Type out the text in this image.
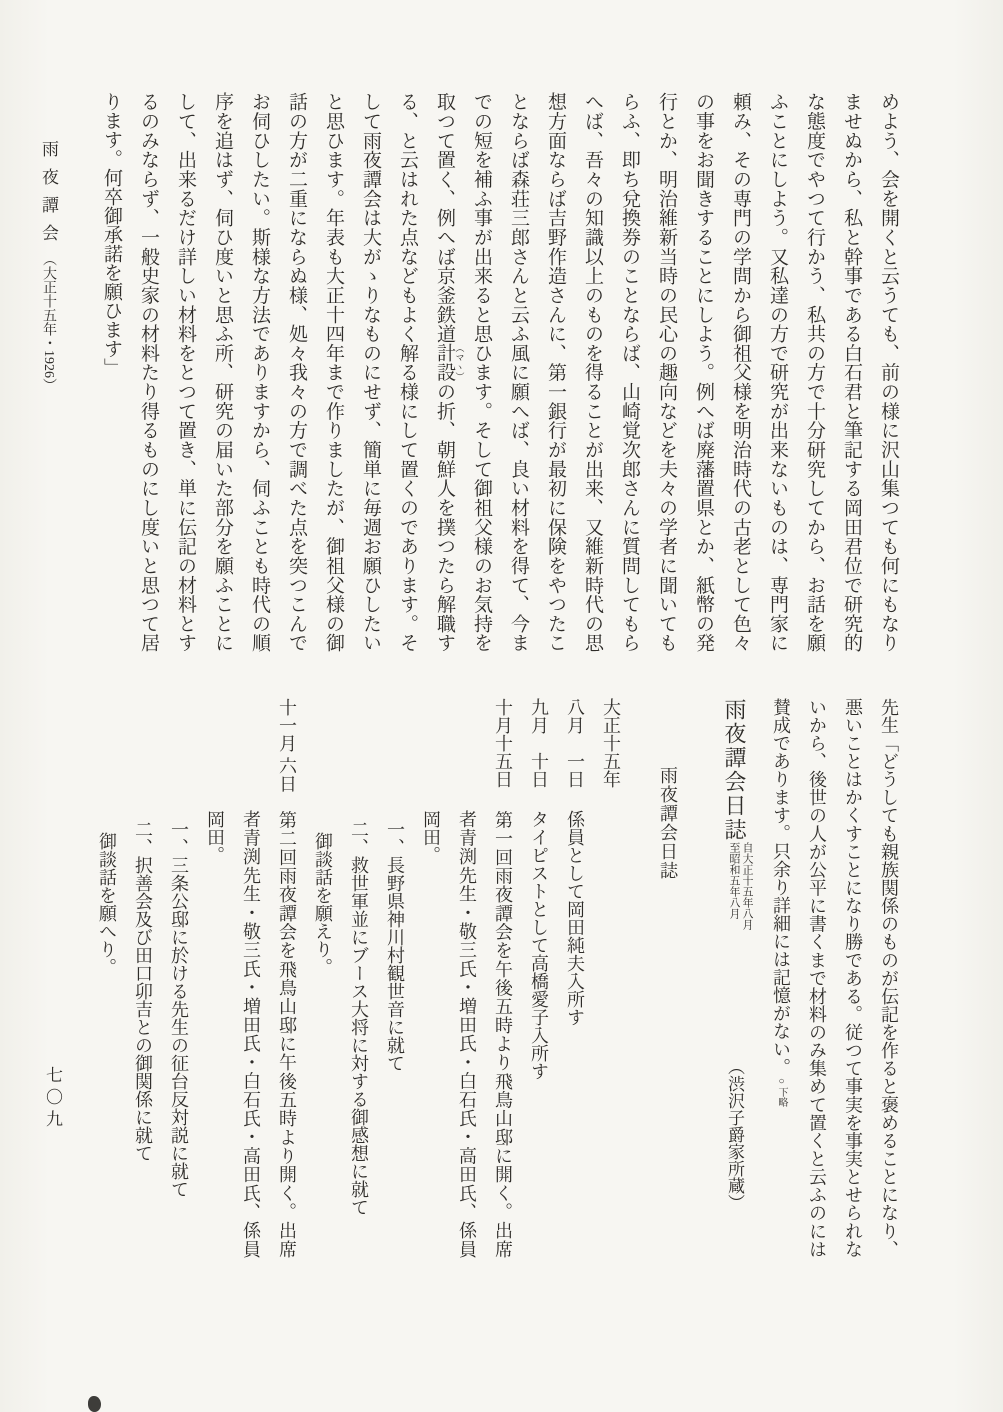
めよう、会を開くと云うても、前の様に沢山集つても何にもなりませぬから、私と幹事である白石君と筆記する岡田君位で研究的な態度でやつて行かう、私共の方で十分研究してから、お話を願ふことにしよう。又私達の方で研究が出来ないものは、専門家に頼み、その専門の学問から御祖父様を明治時代の古老として色々の事をお聞きすることにしよう。例へば廃藩置県とか、紙幣の発行とか、明治維新当時の民心の趣向などを夫々の学者に聞いてもらふ、即ち兌換券のことならば、山崎覚次郎さんに質問してもらへば、吾々の知識以上のものを得ることが出来、又維新時代の思想方面ならば吉野作造さんに、第一銀行が最初に保険をやつたことならば森荘三郎さんと云ふ風に願へば、良い材料を得て、今までの短を補ふ事が出来ると思ひます。そして御祖父様のお気持を取つて置く、例へば京釜鉄道計設 （マヽ）の折、朝鮮人を撲つたら解職する、と云はれた点などもよく解る様にして置くのであります。そして雨夜譚会は大がゝりなものにせず、簡単に毎週お願ひしたいと思ひます。年表も大正十四年まで作りましたが、御祖父様の御話の方が二重にならぬ様、処々我々の方で調べた点を突つこんでお伺ひしたい。斯様な方法でありますから、伺ふことも時代の順序を追はず、伺ひ度いと思ふ所、研究の届いた部分を願ふことにして、出来るだけ詳しい材料をとつて置き、単に伝記の材料とするのみならず、一般史家の材料たり得るものにし度いと思つて居ります。何卒御承諾を願ひます」
先生「どうしても親族関係のものが伝記を作ると褒めることになり、悪いことはかくすことになり勝である。従つて事実を事実とせられないから、後世の人が公平に書くまで材料のみ集めて置くと云ふのには賛成であります。只余り詳細には記憶がない。○下略
雨夜譚会日誌
自大正十五年八月
至昭和五年八月
（渋沢子爵家所蔵）
雨夜譚会日誌
大正十五年
八月　一日係員として岡田純夫入所す
九月　十日タイピストとして高橋愛子入所す
十月十五日第一回雨夜譚会を午後五時より飛鳥山邸に開く。出席者青渕先生・敬三氏・増田氏・白石氏・高田氏、係員岡田。
一、長野県神川村観世音に就て
二、救世軍並にブース大将に対する御感想に就て
御談話を願えり。
十一月 六日第二回雨夜譚会を飛鳥山邸に午後五時より開く。出席者青渕先生・敬三氏・増田氏・白石氏・高田氏、係員岡田。
一、三条公邸に於ける先生の征台反対説に就て
二、択善会及び田口卯吉との御関係に就て
御談話を願へり。
雨夜譚会（大正十五年・1926）
七〇九
